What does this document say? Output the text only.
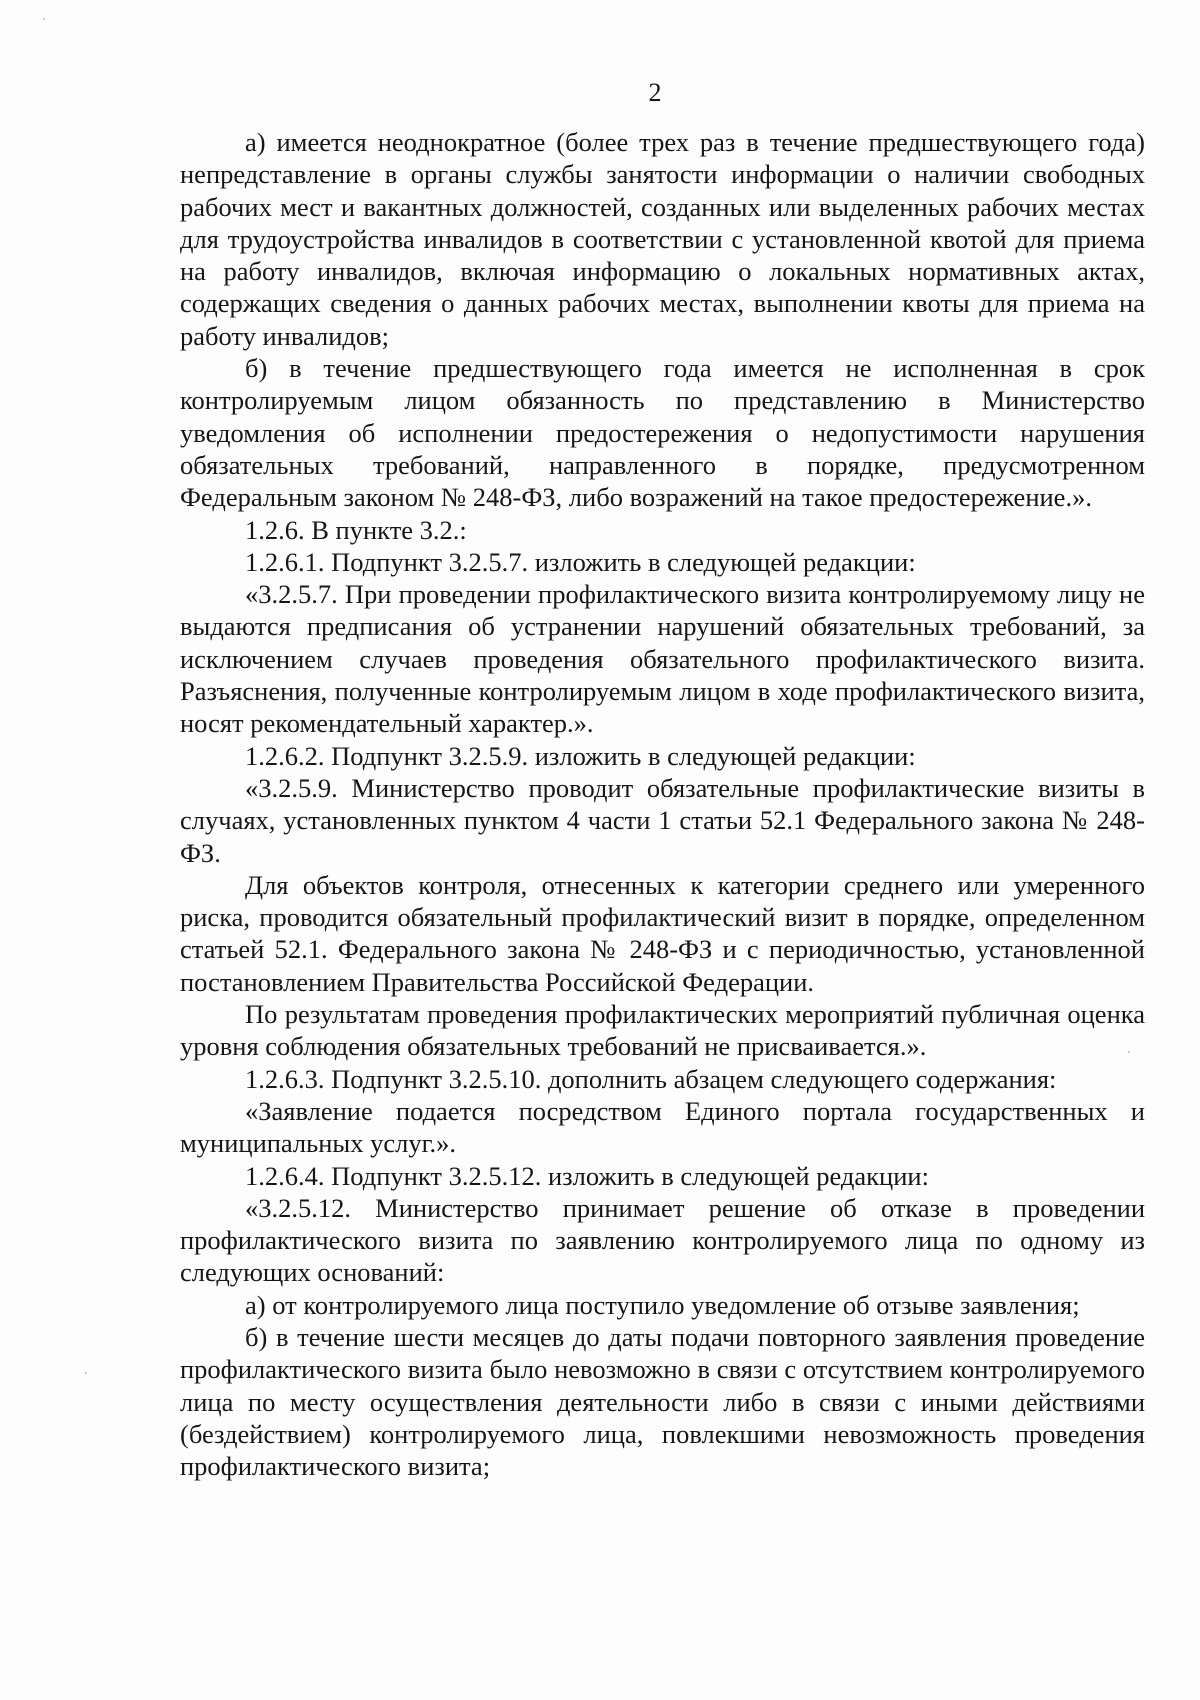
2

а) имеется неоднократное (более трех раз в течение предшествующего года) непредставление в органы службы занятости информации о наличии свободных рабочих мест и вакантных должностей, созданных или выделенных рабочих местах для трудоустройства инвалидов в соответствии с установленной квотой для приема на работу инвалидов, включая информацию о локальных нормативных актах, содержащих сведения о данных рабочих местах, выполнении квоты для приема на работу инвалидов;

б) в течение предшествующего года имеется не исполненная в срок контролируемым лицом обязанность по представлению в Министерство уведомления об исполнении предостережения о недопустимости нарушения обязательных требований, направленного в порядке, предусмотренном Федеральным законом № 248-ФЗ, либо возражений на такое предостережение.».

1.2.6. В пункте 3.2.:

1.2.6.1. Подпункт 3.2.5.7. изложить в следующей редакции:

«3.2.5.7. При проведении профилактического визита контролируемому лицу не выдаются предписания об устранении нарушений обязательных требований, за исключением случаев проведения обязательного профилактического визита. Разъяснения, полученные контролируемым лицом в ходе профилактического визита, носят рекомендательный характер.».

1.2.6.2. Подпункт 3.2.5.9. изложить в следующей редакции:

«3.2.5.9. Министерство проводит обязательные профилактические визиты в случаях, установленных пунктом 4 части 1 статьи 52.1 Федерального закона № 248-ФЗ.

Для объектов контроля, отнесенных к категории среднего или умеренного риска, проводится обязательный профилактический визит в порядке, определенном статьей 52.1. Федерального закона № 248-ФЗ и с периодичностью, установленной постановлением Правительства Российской Федерации.

По результатам проведения профилактических мероприятий публичная оценка уровня соблюдения обязательных требований не присваивается.».

1.2.6.3. Подпункт 3.2.5.10. дополнить абзацем следующего содержания:

«Заявление подается посредством Единого портала государственных и муниципальных услуг.».

1.2.6.4. Подпункт 3.2.5.12. изложить в следующей редакции:

«3.2.5.12. Министерство принимает решение об отказе в проведении профилактического визита по заявлению контролируемого лица по одному из следующих оснований:

а) от контролируемого лица поступило уведомление об отзыве заявления;

б) в течение шести месяцев до даты подачи повторного заявления проведение профилактического визита было невозможно в связи с отсутствием контролируемого лица по месту осуществления деятельности либо в связи с иными действиями (бездействием) контролируемого лица, повлекшими невозможность проведения профилактического визита;
